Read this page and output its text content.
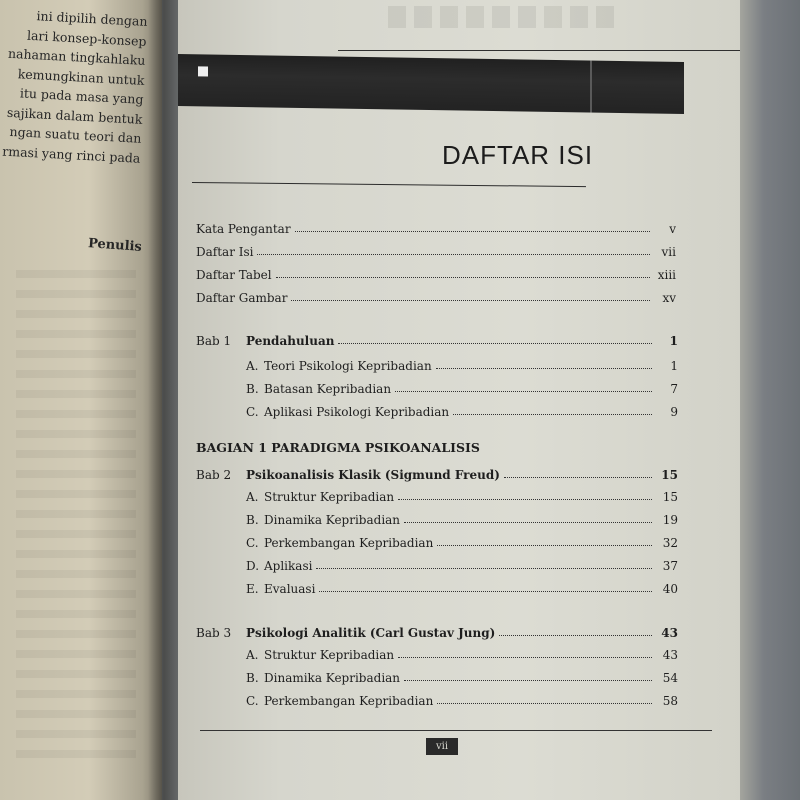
ini dipilih dengan
lari konsep-konsep
nahaman tingkahlaku
kemungkinan untuk
itu pada masa yang
sajikan dalam bentuk
ngan suatu teori dan
rmasi yang rinci pada
Penulis
DAFTAR ISI
Kata Pengantar	v
Daftar Isi	vii
Daftar Tabel	xiii
Daftar Gambar	xv
Bab 1	Pendahuluan	1
A. Teori Psikologi Kepribadian	1
B. Batasan Kepribadian	7
C. Aplikasi Psikologi Kepribadian	9
BAGIAN 1 PARADIGMA PSIKOANALISIS
Bab 2	Psikoanalisis Klasik (Sigmund Freud)	15
A. Struktur Kepribadian	15
B. Dinamika Kepribadian	19
C. Perkembangan Kepribadian	32
D. Aplikasi	37
E. Evaluasi	40
Bab 3	Psikologi Analitik (Carl Gustav Jung)	43
A. Struktur Kepribadian	43
B. Dinamika Kepribadian	54
C. Perkembangan Kepribadian	58
vii
